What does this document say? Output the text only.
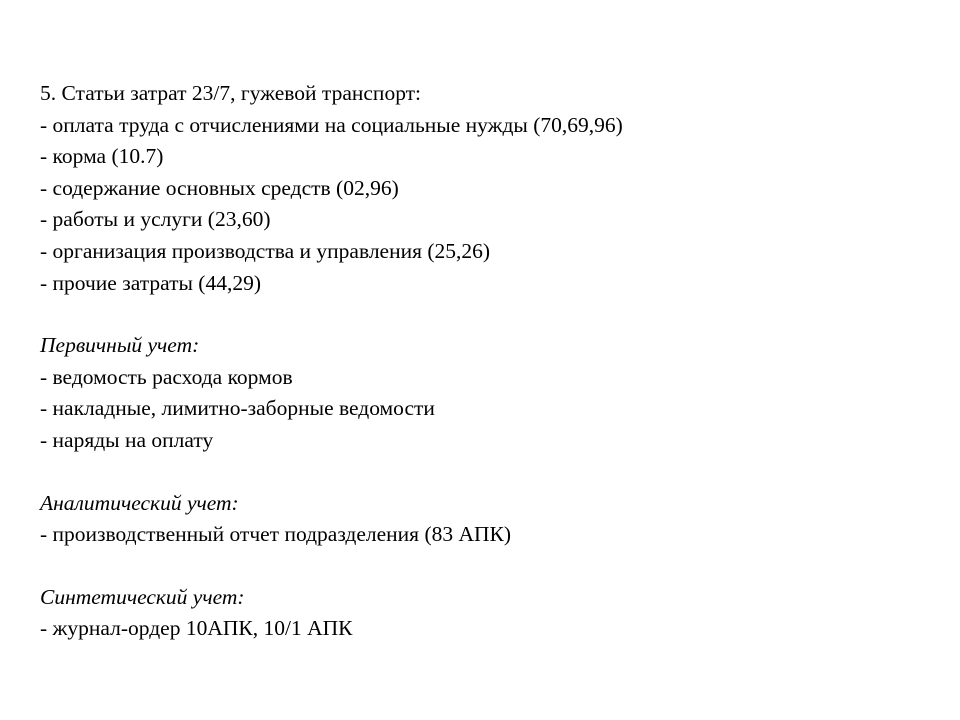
5. Статьи затрат 23/7, гужевой транспорт:
- оплата труда с отчислениями на социальные нужды (70,69,96)
- корма (10.7)
- содержание основных средств (02,96)
- работы и услуги (23,60)
- организация производства и управления (25,26)
- прочие затраты (44,29)
Первичный учет:
- ведомость расхода кормов
- накладные, лимитно-заборные ведомости
- наряды на оплату
Аналитический учет:
- производственный отчет подразделения (83 АПК)
Синтетический учет:
- журнал-ордер 10АПК, 10/1 АПК
